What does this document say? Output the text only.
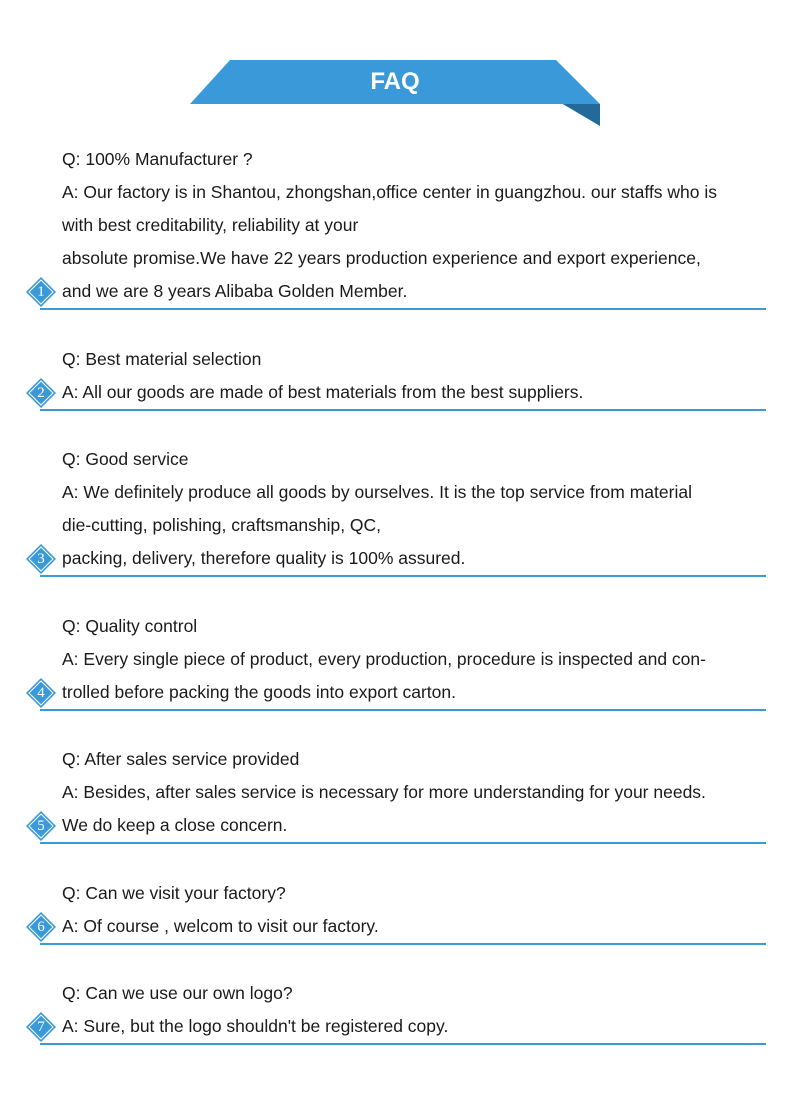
FAQ
Q: 100% Manufacturer ?
A: Our factory is in Shantou, zhongshan,office center in guangzhou. our staffs who is
with best creditability, reliability at your
absolute promise.We have 22 years production experience and export experience,
and we are 8 years Alibaba Golden Member.
1
Q: Best material selection
A: All our goods are made of best materials from the best suppliers.
2
Q: Good service
A: We definitely produce all goods by ourselves. It is the top service from material
die-cutting, polishing, craftsmanship, QC,
packing, delivery, therefore quality is 100% assured.
3
Q: Quality control
A: Every single piece of product, every production, procedure is inspected and con-
trolled before packing the goods into export carton.
4
Q: After sales service provided
A: Besides, after sales service is necessary for more understanding for your needs.
We do keep a close concern.
5
Q: Can we visit your factory?
A: Of course , welcom to visit our factory.
6
Q: Can we use our own logo?
A: Sure, but the logo shouldn't be registered copy.
7
